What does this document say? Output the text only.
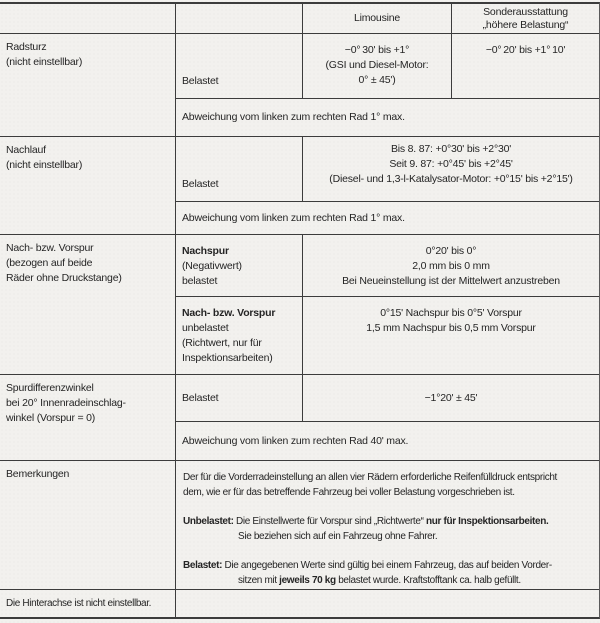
Limousine
Sonderausstattung
„höhere Belastung“
Radsturz
(nicht einstellbar)
Belastet
−0° 30' bis +1°
(GSI und Diesel-Motor:
0° ± 45')
−0° 20' bis +1° 10'
Abweichung vom linken zum rechten Rad 1° max.
Nachlauf
(nicht einstellbar)
Belastet
Bis 8. 87: +0°30' bis +2°30'
Seit 9. 87: +0°45' bis +2°45'
(Diesel- und 1,3-l-Katalysator-Motor: +0°15' bis +2°15')
Abweichung vom linken zum rechten Rad 1° max.
Nach- bzw. Vorspur
(bezogen auf beide
Räder ohne Druckstange)
Nachspur
(Negativwert)
belastet
0°20' bis 0°
2,0 mm bis 0 mm
Bei Neueinstellung ist der Mittelwert anzustreben
Nach- bzw. Vorspur
unbelastet
(Richtwert, nur für
Inspektionsarbeiten)
0°15' Nachspur bis 0°5' Vorspur
1,5 mm Nachspur bis 0,5 mm Vorspur
Spurdifferenzwinkel
bei 20° Innenradeinschlag-
winkel (Vorspur = 0)
Belastet	−1°20' ± 45'
Abweichung vom linken zum rechten Rad 40' max.
Bemerkungen	Der für die Vorderradeinstellung an allen vier Rädern erforderliche Reifenfülldruck entspricht
dem, wie er für das betreffende Fahrzeug bei voller Belastung vorgeschrieben ist.
Unbelastet: Die Einstellwerte für Vorspur sind „Richtwerte“ nur für Inspektionsarbeiten.
Sie beziehen sich auf ein Fahrzeug ohne Fahrer.
Belastet: Die angegebenen Werte sind gültig bei einem Fahrzeug, das auf beiden Vorder-
sitzen mit jeweils 70 kg belastet wurde. Kraftstofftank ca. halb gefüllt.
Die Hinterachse ist nicht einstellbar.
